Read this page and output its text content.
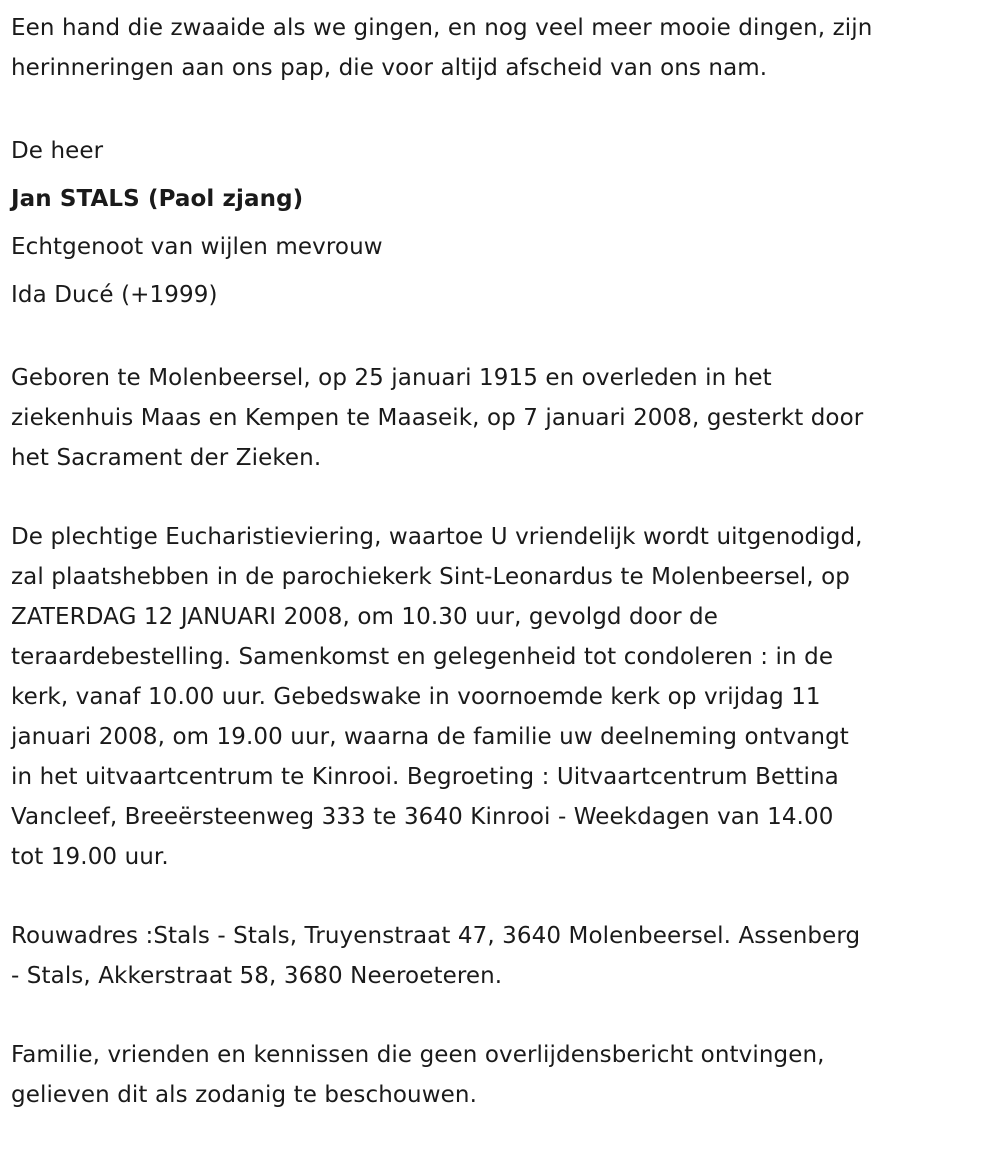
Een hand die zwaaide als we gingen, en nog veel meer mooie dingen, zijn
herinneringen aan ons pap, die voor altijd afscheid van ons nam.
De heer
Jan STALS (Paol zjang)
Echtgenoot van wijlen mevrouw
Ida Ducé (+1999)
Geboren te Molenbeersel, op 25 januari 1915 en overleden in het
ziekenhuis Maas en Kempen te Maaseik, op 7 januari 2008, gesterkt door
het Sacrament der Zieken.
De plechtige Eucharistieviering, waartoe U vriendelijk wordt uitgenodigd,
zal plaatshebben in de parochiekerk Sint-Leonardus te Molenbeersel, op
ZATERDAG 12 JANUARI 2008, om 10.30 uur, gevolgd door de
teraardebestelling. Samenkomst en gelegenheid tot condoleren : in de
kerk, vanaf 10.00 uur. Gebedswake in voornoemde kerk op vrijdag 11
januari 2008, om 19.00 uur, waarna de familie uw deelneming ontvangt
in het uitvaartcentrum te Kinrooi. Begroeting : Uitvaartcentrum Bettina
Vancleef, Breeërsteenweg 333 te 3640 Kinrooi - Weekdagen van 14.00
tot 19.00 uur.
Rouwadres :Stals - Stals, Truyenstraat 47, 3640 Molenbeersel. Assenberg
- Stals, Akkerstraat 58, 3680 Neeroeteren.
Familie, vrienden en kennissen die geen overlijdensbericht ontvingen,
gelieven dit als zodanig te beschouwen.
